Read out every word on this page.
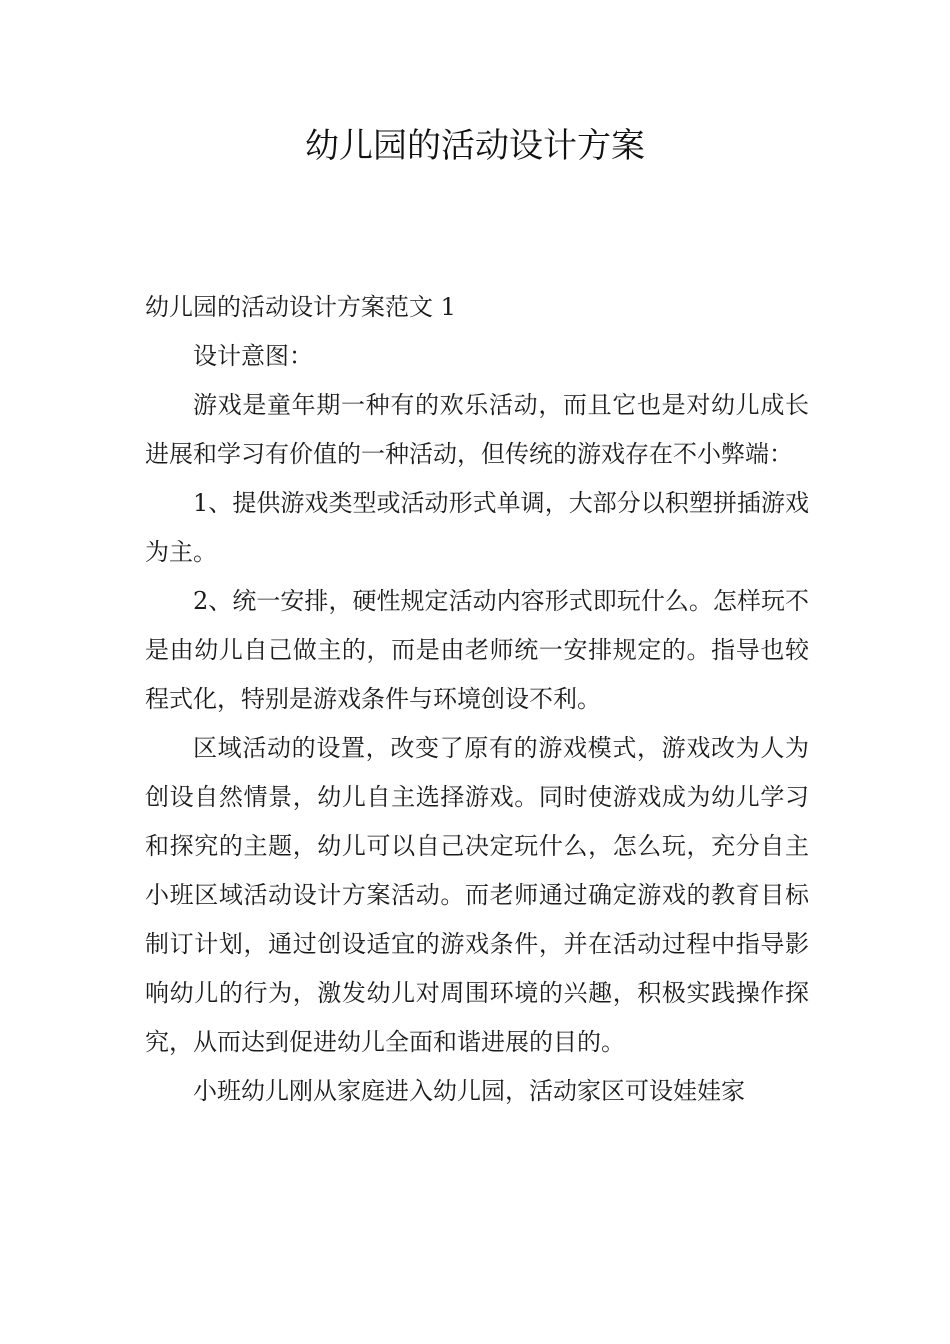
幼儿园的活动设计方案

幼儿园的活动设计方案范文 1

设计意图：

游戏是童年期一种有的欢乐活动，而且它也是对幼儿成长进展和学习有价值的一种活动，但传统的游戏存在不小弊端：

1、提供游戏类型或活动形式单调，大部分以积塑拼插游戏为主。

2、统一安排，硬性规定活动内容形式即玩什么。怎样玩不是由幼儿自己做主的，而是由老师统一安排规定的。指导也较程式化，特别是游戏条件与环境创设不利。

区域活动的设置，改变了原有的游戏模式，游戏改为人为创设自然情景，幼儿自主选择游戏。同时使游戏成为幼儿学习和探究的主题，幼儿可以自己决定玩什么，怎么玩，充分自主小班区域活动设计方案活动。而老师通过确定游戏的教育目标制订计划，通过创设适宜的游戏条件，并在活动过程中指导影响幼儿的行为，激发幼儿对周围环境的兴趣，积极实践操作探究，从而达到促进幼儿全面和谐进展的目的。

小班幼儿刚从家庭进入幼儿园，活动家区可设娃娃家
